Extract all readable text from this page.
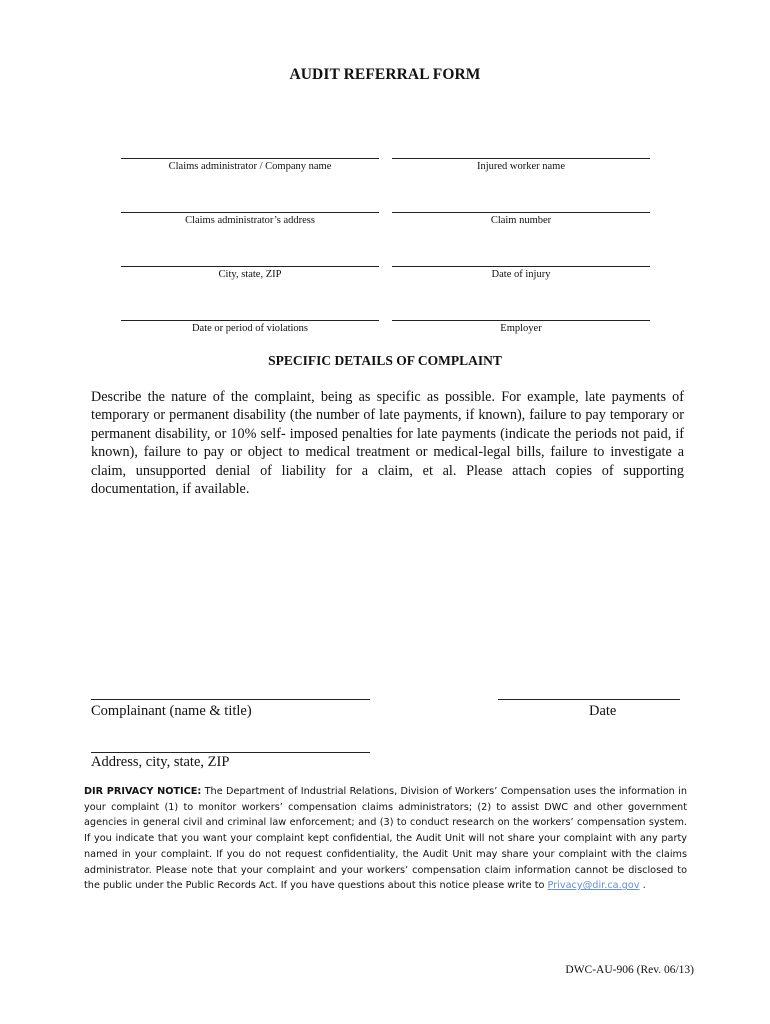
AUDIT REFERRAL FORM
Claims administrator / Company name	Injured worker name
Claims administrator’s address	Claim number
City, state, ZIP	Date of injury
Date or period of violations	Employer
SPECIFIC DETAILS OF COMPLAINT
Describe the nature of the complaint, being as specific as possible. For example, late payments of temporary or permanent disability (the number of late payments, if known), failure to pay temporary or permanent disability, or 10% self- imposed penalties for late payments (indicate the periods not paid, if known), failure to pay or object to medical treatment or medical-legal bills, failure to investigate a claim, unsupported denial of liability for a claim, et al. Please attach copies of supporting documentation, if available.
Complainant (name & title)	Date
Address, city, state, ZIP
DIR PRIVACY NOTICE: The Department of Industrial Relations, Division of Workers’ Compensation uses the information in your complaint (1) to monitor workers’ compensation claims administrators; (2) to assist DWC and other government agencies in general civil and criminal law enforcement; and (3) to conduct research on the workers’ compensation system. If you indicate that you want your complaint kept confidential, the Audit Unit will not share your complaint with any party named in your complaint. If you do not request confidentiality, the Audit Unit may share your complaint with the claims administrator. Please note that your complaint and your workers’ compensation claim information cannot be disclosed to the public under the Public Records Act. If you have questions about this notice please write to Privacy@dir.ca.gov .
DWC-AU-906 (Rev. 06/13)
